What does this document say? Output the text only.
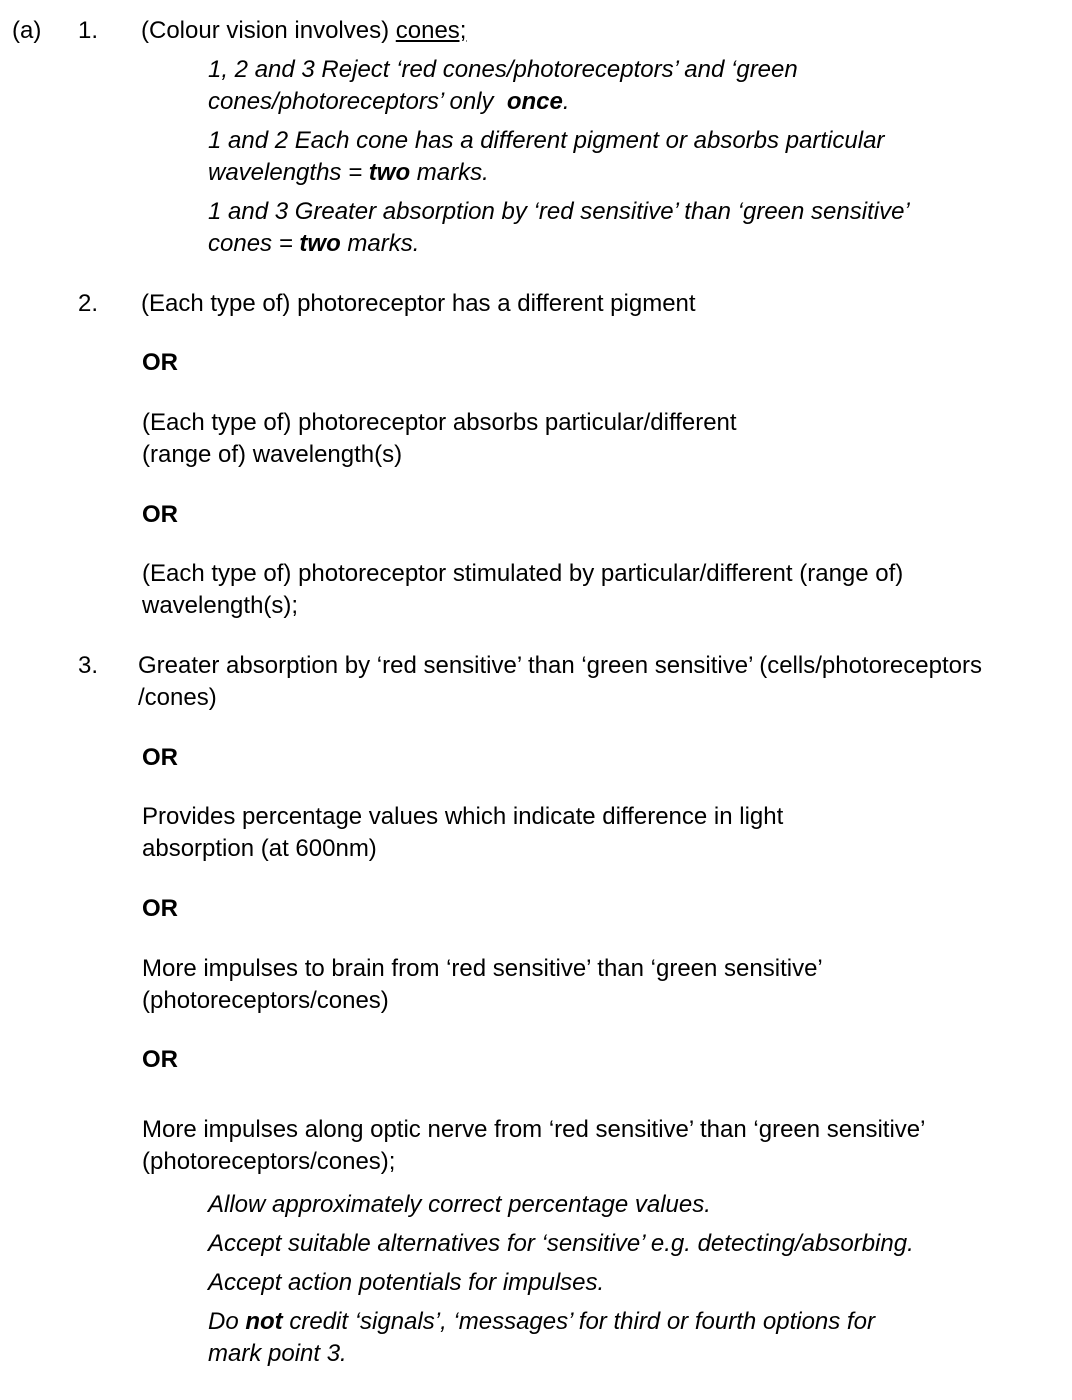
(a) 1. (Colour vision involves) cones;
1, 2 and 3 Reject ‘red cones/photoreceptors’ and ‘green
cones/photoreceptors’ only  once.
1 and 2 Each cone has a different pigment or absorbs particular
wavelengths = two marks.
1 and 3 Greater absorption by ‘red sensitive’ than ‘green sensitive’
cones = two marks.
2. (Each type of) photoreceptor has a different pigment
OR
(Each type of) photoreceptor absorbs particular/different
(range of) wavelength(s)
OR
(Each type of) photoreceptor stimulated by particular/different (range of)
wavelength(s);
3. Greater absorption by ‘red sensitive’ than ‘green sensitive’ (cells/photoreceptors
/cones)
OR
Provides percentage values which indicate difference in light
absorption (at 600nm)
OR
More impulses to brain from ‘red sensitive’ than ‘green sensitive’
(photoreceptors/cones)
OR
More impulses along optic nerve from ‘red sensitive’ than ‘green sensitive’
(photoreceptors/cones);
Allow approximately correct percentage values.
Accept suitable alternatives for ‘sensitive’ e.g. detecting/absorbing.
Accept action potentials for impulses.
Do not credit ‘signals’, ‘messages’ for third or fourth options for
mark point 3.
